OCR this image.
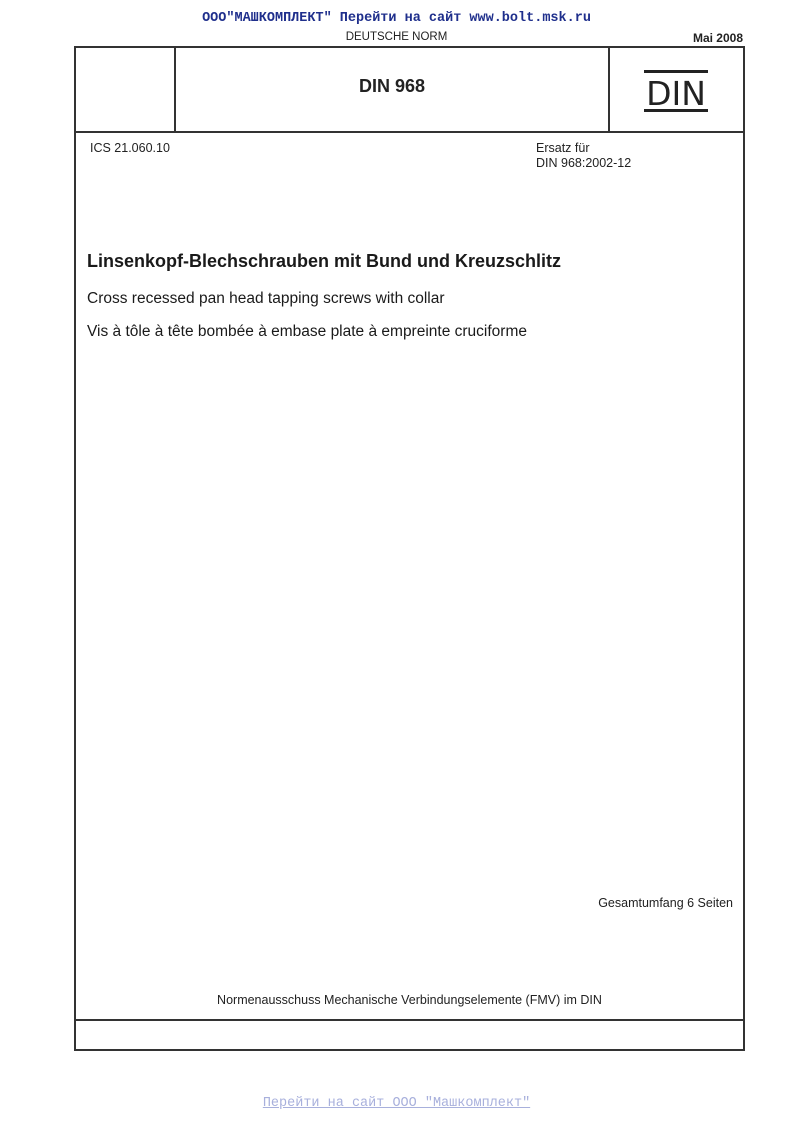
ООО"МАШКОМПЛЕКТ" Перейти на сайт www.bolt.msk.ru
DEUTSCHE NORM	Mai 2008
DIN 968	DIN
ICS 21.060.10	Ersatz für
DIN 968:2002-12
Linsenkopf-Blechschrauben mit Bund und Kreuzschlitz
Cross recessed pan head tapping screws with collar
Vis à tôle à tête bombée à embase plate à empreinte cruciforme
Gesamtumfang 6 Seiten
Normenausschuss Mechanische Verbindungselemente (FMV) im DIN
Перейти на сайт ООО "Машкомплект"
